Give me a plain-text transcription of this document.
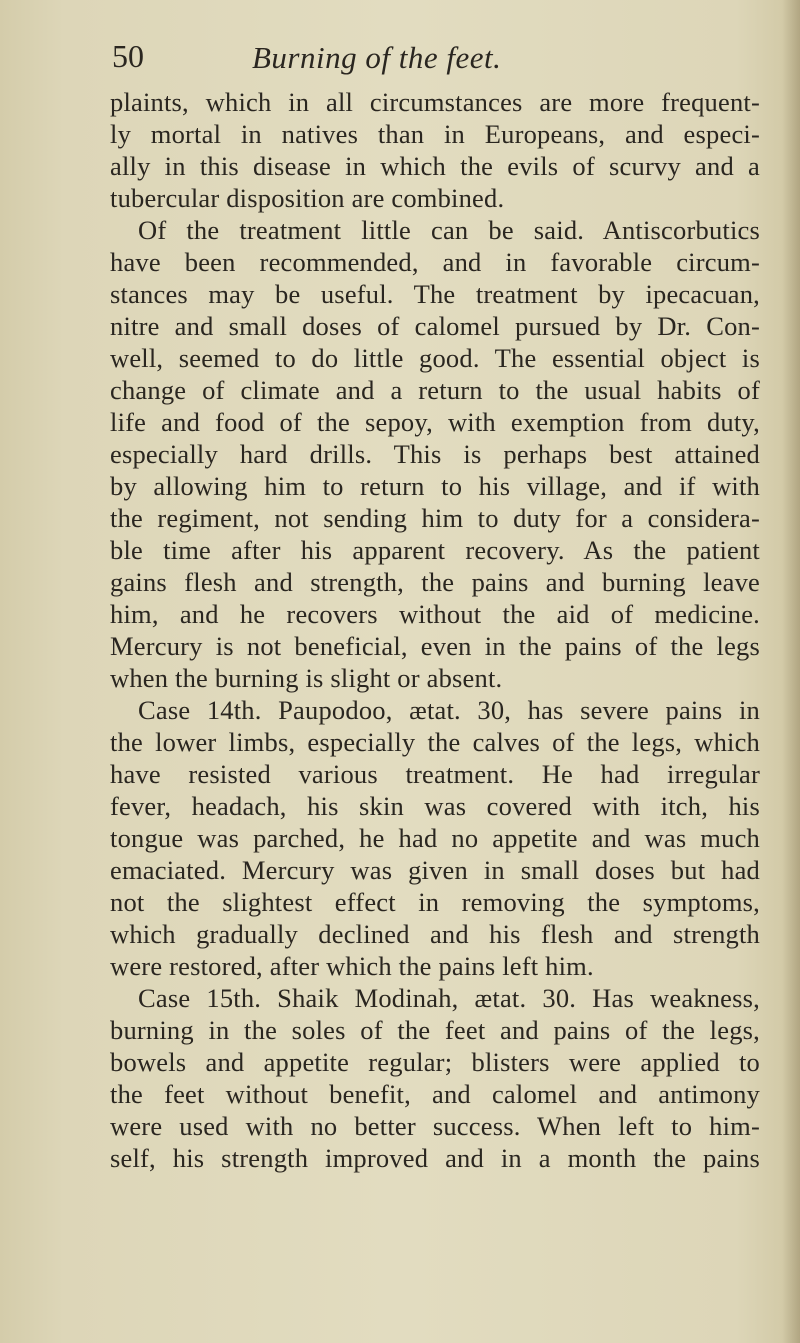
50	Burning of the feet.
plaints, which in all circumstances are more frequent-
ly mortal in natives than in Europeans, and especi-
ally in this disease in which the evils of scurvy and a
tubercular disposition are combined.
Of the treatment little can be said. Antiscorbutics
have been recommended, and in favorable circum-
stances may be useful. The treatment by ipecacuan,
nitre and small doses of calomel pursued by Dr. Con-
well, seemed to do little good. The essential object is
change of climate and a return to the usual habits of
life and food of the sepoy, with exemption from duty,
especially hard drills. This is perhaps best attained
by allowing him to return to his village, and if with
the regiment, not sending him to duty for a considera-
ble time after his apparent recovery. As the patient
gains flesh and strength, the pains and burning leave
him, and he recovers without the aid of medicine.
Mercury is not beneficial, even in the pains of the legs
when the burning is slight or absent.
Case 14th. Paupodoo, ætat. 30, has severe pains in
the lower limbs, especially the calves of the legs, which
have resisted various treatment. He had irregular
fever, headach, his skin was covered with itch, his
tongue was parched, he had no appetite and was much
emaciated. Mercury was given in small doses but had
not the slightest effect in removing the symptoms,
which gradually declined and his flesh and strength
were restored, after which the pains left him.
Case 15th. Shaik Modinah, ætat. 30. Has weakness,
burning in the soles of the feet and pains of the legs,
bowels and appetite regular; blisters were applied to
the feet without benefit, and calomel and antimony
were used with no better success. When left to him-
self, his strength improved and in a month the pains
